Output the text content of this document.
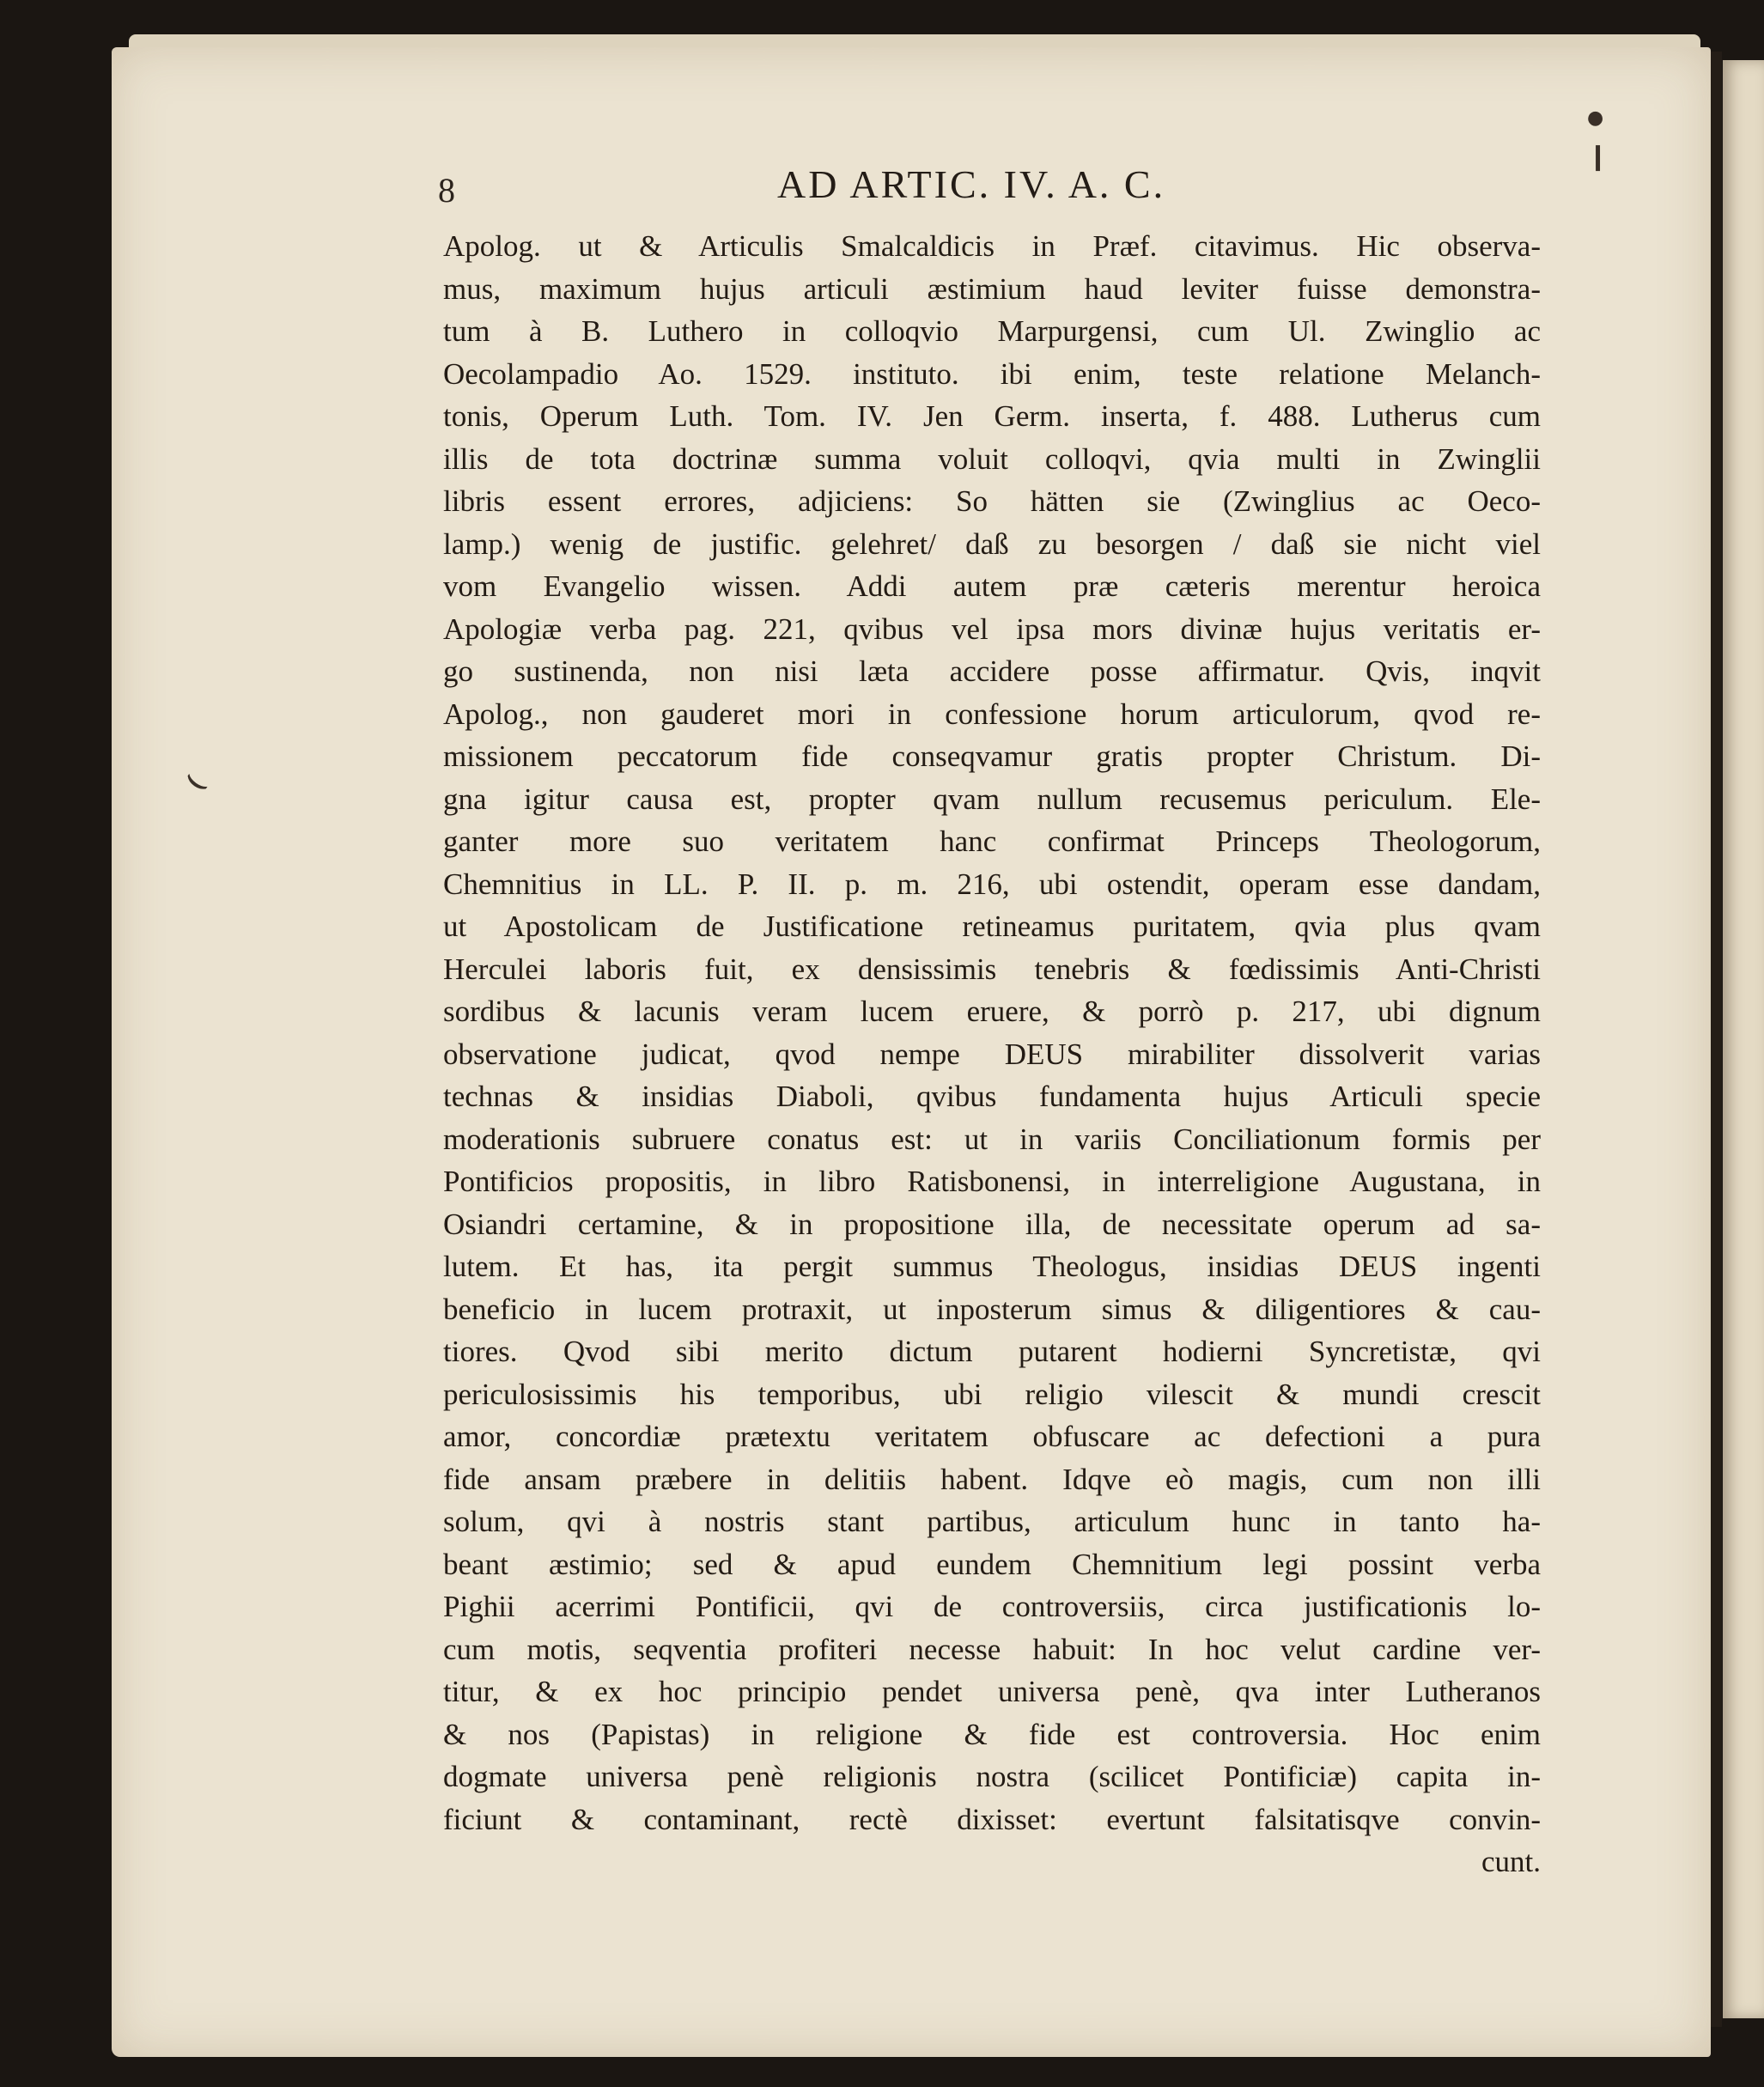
⌣
●
❙
8	AD ARTIC. IV. A. C.
Apolog. ut & Articulis Smalcaldicis in Præf. citavimus. Hic observa-
mus, maximum hujus articuli æstimium haud leviter fuisse demonstra-
tum à B. Luthero in colloqvio Marpurgensi, cum Ul. Zwinglio ac
Oecolampadio Ao. 1529. instituto. ibi enim, teste relatione Melanch-
tonis, Operum Luth. Tom. IV. Jen Germ. inserta, f. 488. Lutherus cum
illis de tota doctrinæ summa voluit colloqvi, qvia multi in Zwinglii
libris essent errores, adjiciens: So hätten sie (Zwinglius ac Oeco-
lamp.) wenig de justific. gelehret/ daß zu besorgen / daß sie nicht viel
vom Evangelio wissen. Addi autem præ cæteris merentur heroica
Apologiæ verba pag. 221, qvibus vel ipsa mors divinæ hujus veritatis er-
go sustinenda, non nisi læta accidere posse affirmatur. Qvis, inqvit
Apolog., non gauderet mori in confessione horum articulorum, qvod re-
missionem peccatorum fide conseqvamur gratis propter Christum. Di-
gna igitur causa est, propter qvam nullum recusemus periculum. Ele-
ganter more suo veritatem hanc confirmat Princeps Theologorum,
Chemnitius in LL. P. II. p. m. 216, ubi ostendit, operam esse dandam,
ut Apostolicam de Justificatione retineamus puritatem, qvia plus qvam
Herculei laboris fuit, ex densissimis tenebris & fœdissimis Anti-Christi
sordibus & lacunis veram lucem eruere, & porrò p. 217, ubi dignum
observatione judicat, qvod nempe DEUS mirabiliter dissolverit varias
technas & insidias Diaboli, qvibus fundamenta hujus Articuli specie
moderationis subruere conatus est: ut in variis Conciliationum formis per
Pontificios propositis, in libro Ratisbonensi, in interreligione Augustana, in
Osiandri certamine, & in propositione illa, de necessitate operum ad sa-
lutem. Et has, ita pergit summus Theologus, insidias DEUS ingenti
beneficio in lucem protraxit, ut inposterum simus & diligentiores & cau-
tiores. Qvod sibi merito dictum putarent hodierni Syncretistæ, qvi
periculosissimis his temporibus, ubi religio vilescit & mundi crescit
amor, concordiæ prætextu veritatem obfuscare ac defectioni a pura
fide ansam præbere in delitiis habent. Idqve eò magis, cum non illi
solum, qvi à nostris stant partibus, articulum hunc in tanto ha-
beant æstimio; sed & apud eundem Chemnitium legi possint verba
Pighii acerrimi Pontificii, qvi de controversiis, circa justificationis lo-
cum motis, seqventia profiteri necesse habuit: In hoc velut cardine ver-
titur, & ex hoc principio pendet universa penè, qva inter Lutheranos
& nos (Papistas) in religione & fide est controversia. Hoc enim
dogmate universa penè religionis nostra (scilicet Pontificiæ) capita in-
ficiunt & contaminant, rectè dixisset: evertunt falsitatisqve convin-
cunt.
